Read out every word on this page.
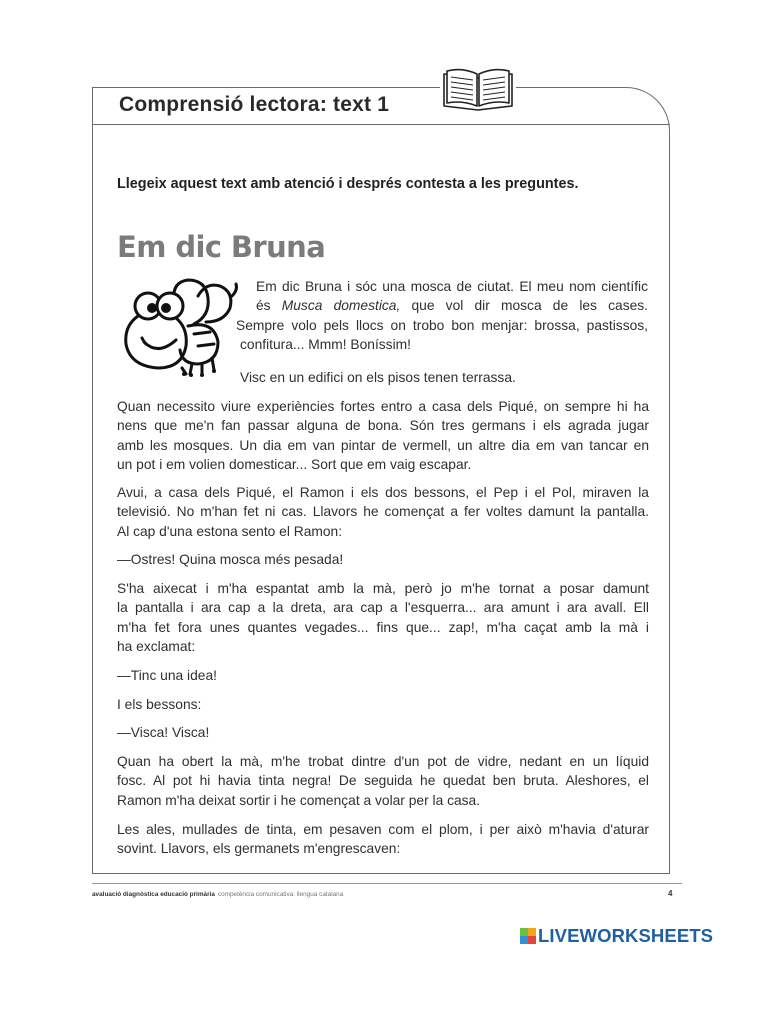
Comprensió lectora: text 1

Llegeix aquest text amb atenció i després contesta a les preguntes.

Em dic Bruna
Em dic Bruna i sóc una mosca de ciutat. El meu nom científic
és Musca domestica, que vol dir mosca de les cases.
Sempre volo pels llocs on trobo bon menjar: brossa, pastissos,
confitura... Mmm! Boníssim!

Visc en un edifici on els pisos tenen terrassa.

Quan necessito viure experiències fortes entro a casa dels Piqué, on sempre hi ha
nens que me'n fan passar alguna de bona. Són tres germans i els agrada jugar
amb les mosques. Un dia em van pintar de vermell, un altre dia em van tancar en
un pot i em volien domesticar... Sort que em vaig escapar.
Avui, a casa dels Piqué, el Ramon i els dos bessons, el Pep i el Pol, miraven la
televisió. No m'han fet ni cas. Llavors he començat a fer voltes damunt la pantalla.
Al cap d'una estona sento el Ramon:

—Ostres! Quina mosca més pesada!

S'ha aixecat i m'ha espantat amb la mà, però jo m'he tornat a posar damunt
la pantalla i ara cap a la dreta, ara cap a l'esquerra... ara amunt i ara avall. Ell
m'ha fet fora unes quantes vegades... fins que... zap!, m'ha caçat amb la mà i
ha exclamat:

—Tinc una idea!

I els bessons:

—Visca! Visca!

Quan ha obert la mà, m'he trobat dintre d'un pot de vidre, nedant en un líquid
fosc. Al pot hi havia tinta negra! De seguida he quedat ben bruta. Aleshores, el
Ramon m'ha deixat sortir i he començat a volar per la casa.
Les ales, mullades de tinta, em pesaven com el plom, i per això m'havia d'aturar
sovint. Llavors, els germanets m'engrescaven:
avaluació diagnòstica educació primària competència comunicativa: llengua catalana	4
LIVEWORKSHEETS
